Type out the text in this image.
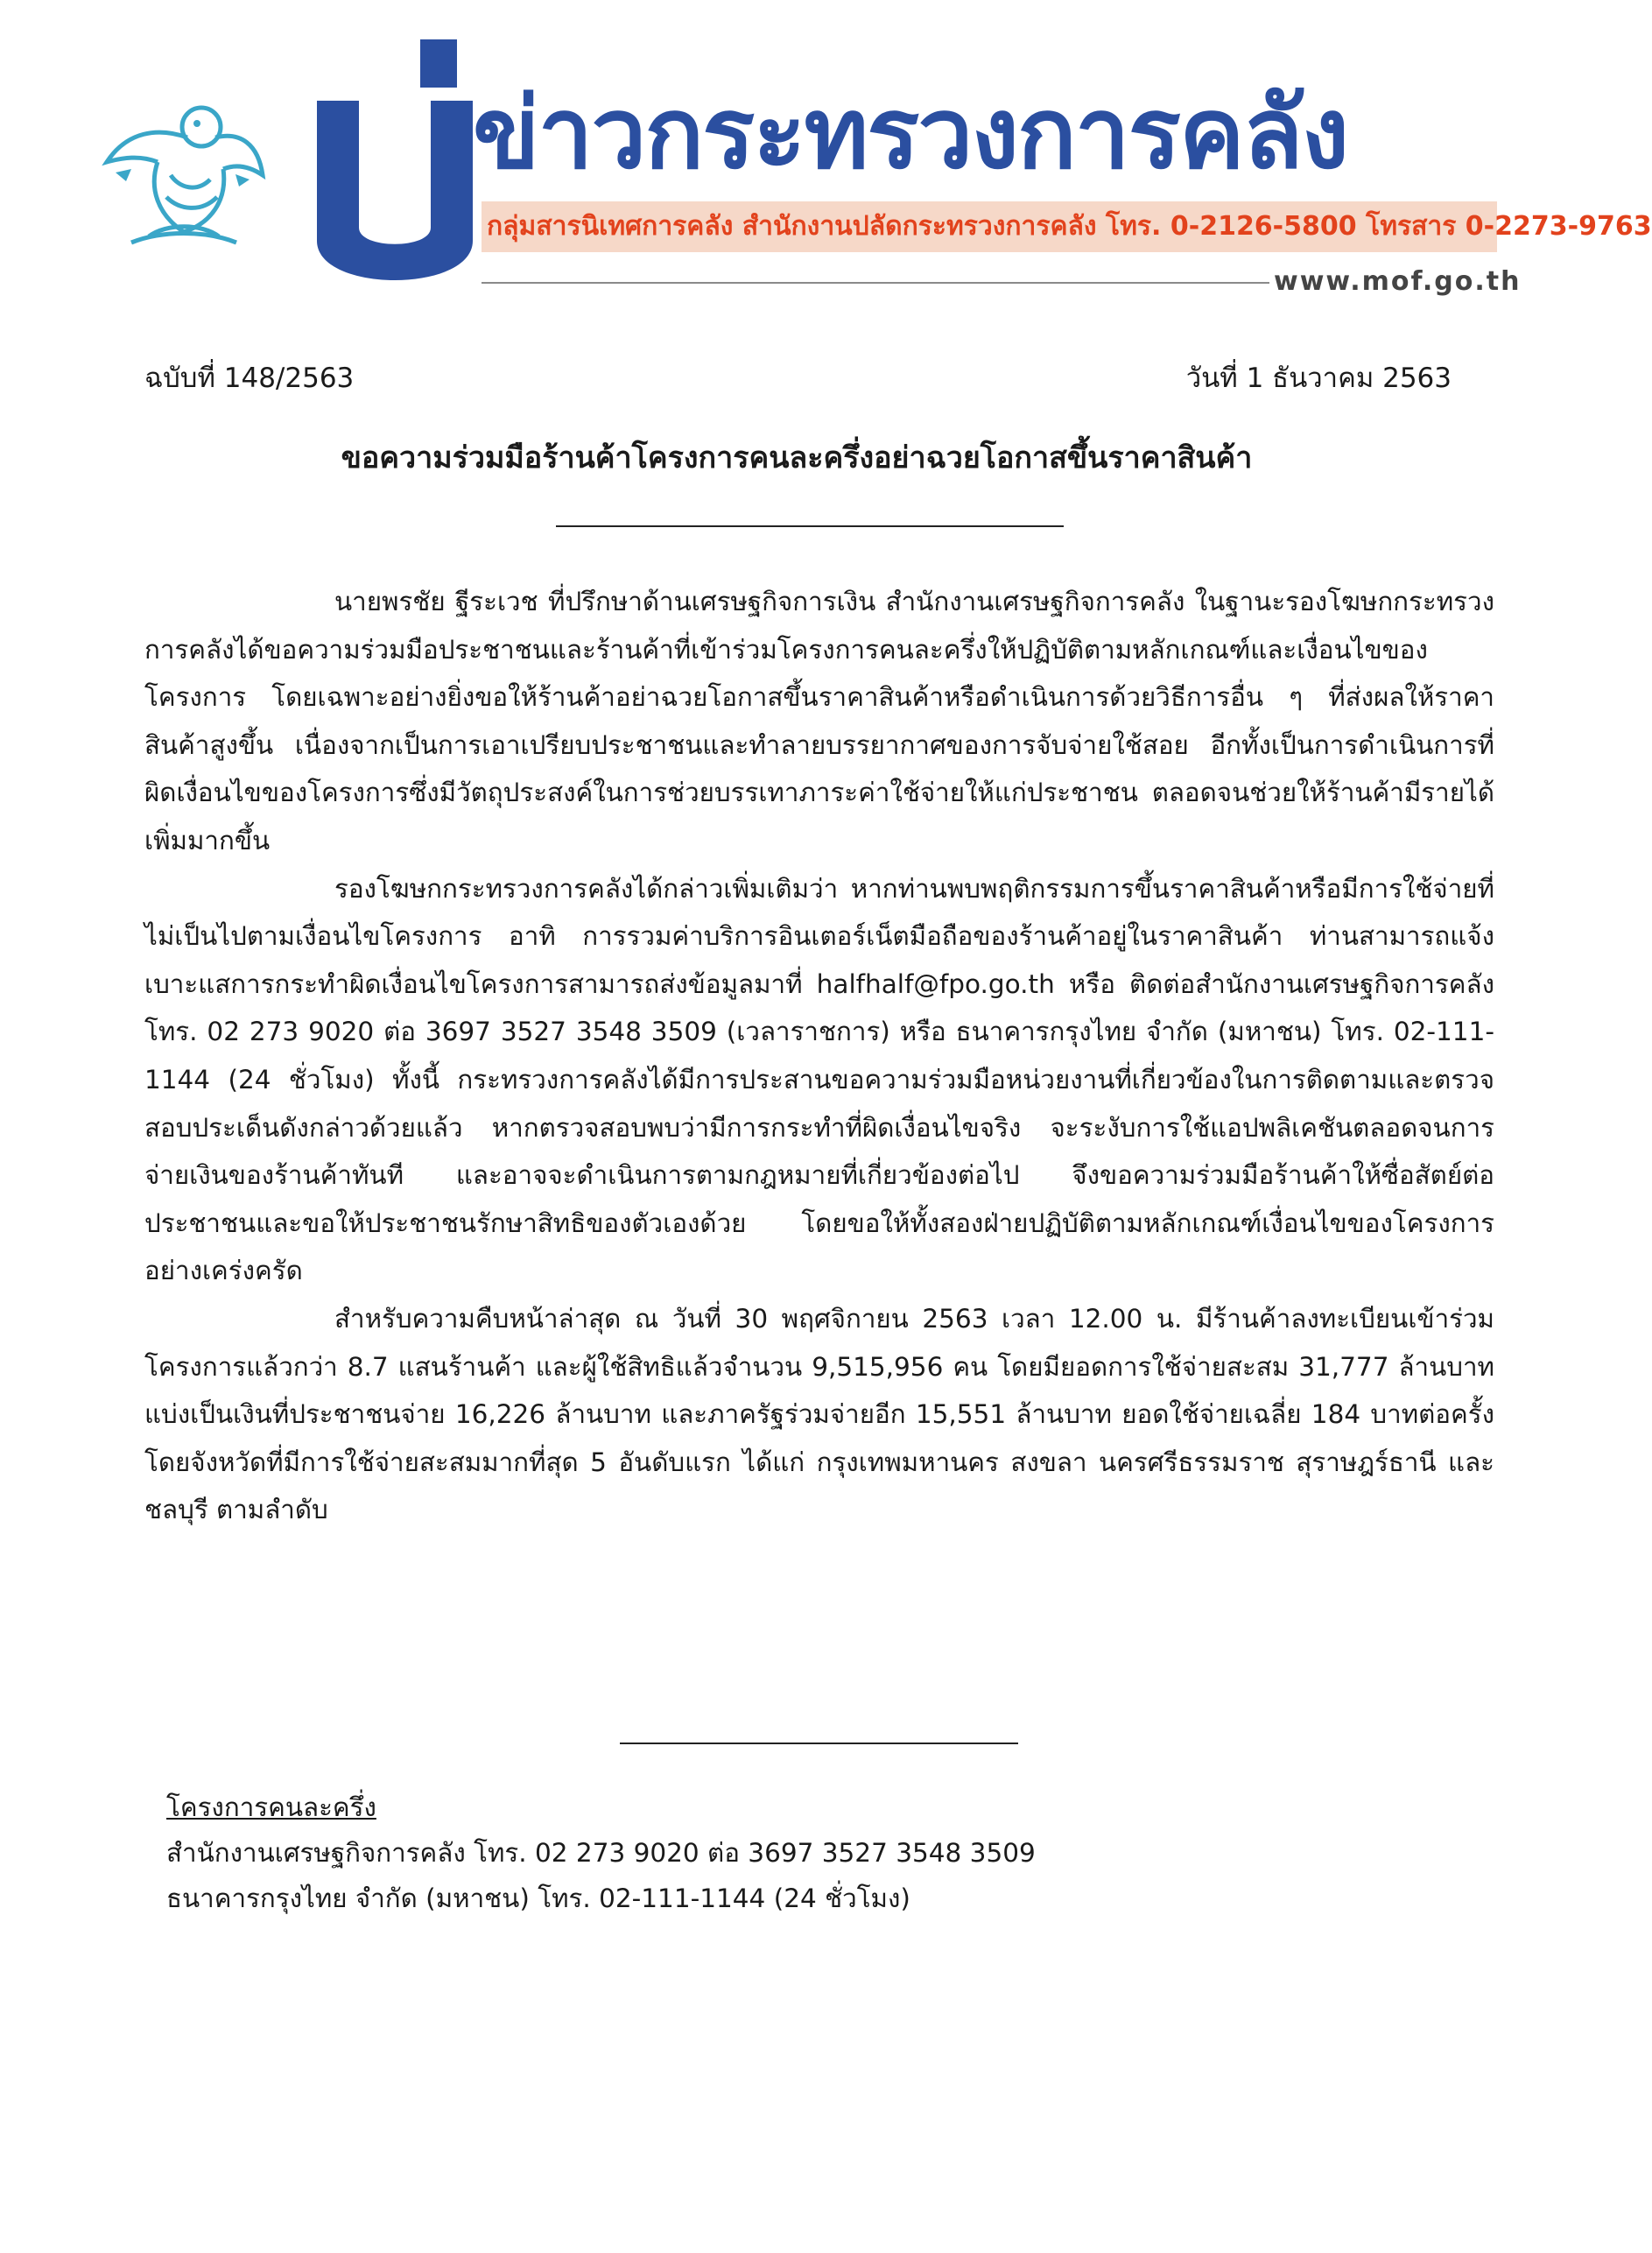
ข่าวกระทรวงการคลัง
กลุ่มสารนิเทศการคลัง สำนักงานปลัดกระทรวงการคลัง โทร. 0-2126-5800 โทรสาร 0-2273-9763
www.mof.go.th
ฉบับที่ 148/2563	วันที่ 1 ธันวาคม 2563
ขอความร่วมมือร้านค้าโครงการคนละครึ่งอย่าฉวยโอกาสขึ้นราคาสินค้า

นายพรชัย ฐีระเวช ที่ปรึกษาด้านเศรษฐกิจการเงิน สำนักงานเศรษฐกิจการคลัง ในฐานะรองโฆษกกระทรวงการคลังได้ขอความร่วมมือประชาชนและร้านค้าที่เข้าร่วมโครงการคนละครึ่งให้ปฏิบัติตามหลักเกณฑ์และเงื่อนไขของโครงการ โดยเฉพาะอย่างยิ่งขอให้ร้านค้าอย่าฉวยโอกาสขึ้นราคาสินค้าหรือดำเนินการด้วยวิธีการอื่น ๆ ที่ส่งผลให้ราคาสินค้าสูงขึ้น เนื่องจากเป็นการเอาเปรียบประชาชนและทำลายบรรยากาศของการจับจ่ายใช้สอย อีกทั้งเป็นการดำเนินการที่ผิดเงื่อนไขของโครงการซึ่งมีวัตถุประสงค์ในการช่วยบรรเทาภาระค่าใช้จ่ายให้แก่ประชาชน ตลอดจนช่วยให้ร้านค้ามีรายได้เพิ่มมากขึ้น

รองโฆษกกระทรวงการคลังได้กล่าวเพิ่มเติมว่า หากท่านพบพฤติกรรมการขึ้นราคาสินค้าหรือมีการใช้จ่ายที่ไม่เป็นไปตามเงื่อนไขโครงการ อาทิ การรวมค่าบริการอินเตอร์เน็ตมือถือของร้านค้าอยู่ในราคาสินค้า ท่านสามารถแจ้งเบาะแสการกระทำผิดเงื่อนไขโครงการสามารถส่งข้อมูลมาที่ halfhalf@fpo.go.th หรือ ติดต่อสำนักงานเศรษฐกิจการคลัง โทร. 02 273 9020 ต่อ 3697 3527 3548 3509 (เวลาราชการ) หรือ ธนาคารกรุงไทย จำกัด (มหาชน) โทร. 02-111-1144 (24 ชั่วโมง) ทั้งนี้ กระทรวงการคลังได้มีการประสานขอความร่วมมือหน่วยงานที่เกี่ยวข้องในการติดตามและตรวจสอบประเด็นดังกล่าวด้วยแล้ว หากตรวจสอบพบว่ามีการกระทำที่ผิดเงื่อนไขจริง จะระงับการใช้แอปพลิเคชันตลอดจนการจ่ายเงินของร้านค้าทันที และอาจจะดำเนินการตามกฎหมายที่เกี่ยวข้องต่อไป จึงขอความร่วมมือร้านค้าให้ซื่อสัตย์ต่อประชาชนและขอให้ประชาชนรักษาสิทธิของตัวเองด้วย โดยขอให้ทั้งสองฝ่ายปฏิบัติตามหลักเกณฑ์เงื่อนไขของโครงการอย่างเคร่งครัด

สำหรับความคืบหน้าล่าสุด ณ วันที่ 30 พฤศจิกายน 2563 เวลา 12.00 น. มีร้านค้าลงทะเบียนเข้าร่วมโครงการแล้วกว่า 8.7 แสนร้านค้า และผู้ใช้สิทธิแล้วจำนวน 9,515,956 คน โดยมียอดการใช้จ่ายสะสม 31,777 ล้านบาท แบ่งเป็นเงินที่ประชาชนจ่าย 16,226 ล้านบาท และภาครัฐร่วมจ่ายอีก 15,551 ล้านบาท ยอดใช้จ่ายเฉลี่ย 184 บาทต่อครั้ง โดยจังหวัดที่มีการใช้จ่ายสะสมมากที่สุด 5 อันดับแรก ได้แก่ กรุงเทพมหานคร สงขลา นครศรีธรรมราช สุราษฎร์ธานี และชลบุรี ตามลำดับ

โครงการคนละครึ่ง
สำนักงานเศรษฐกิจการคลัง โทร. 02 273 9020 ต่อ 3697 3527 3548 3509
ธนาคารกรุงไทย จำกัด (มหาชน) โทร. 02-111-1144 (24 ชั่วโมง)
